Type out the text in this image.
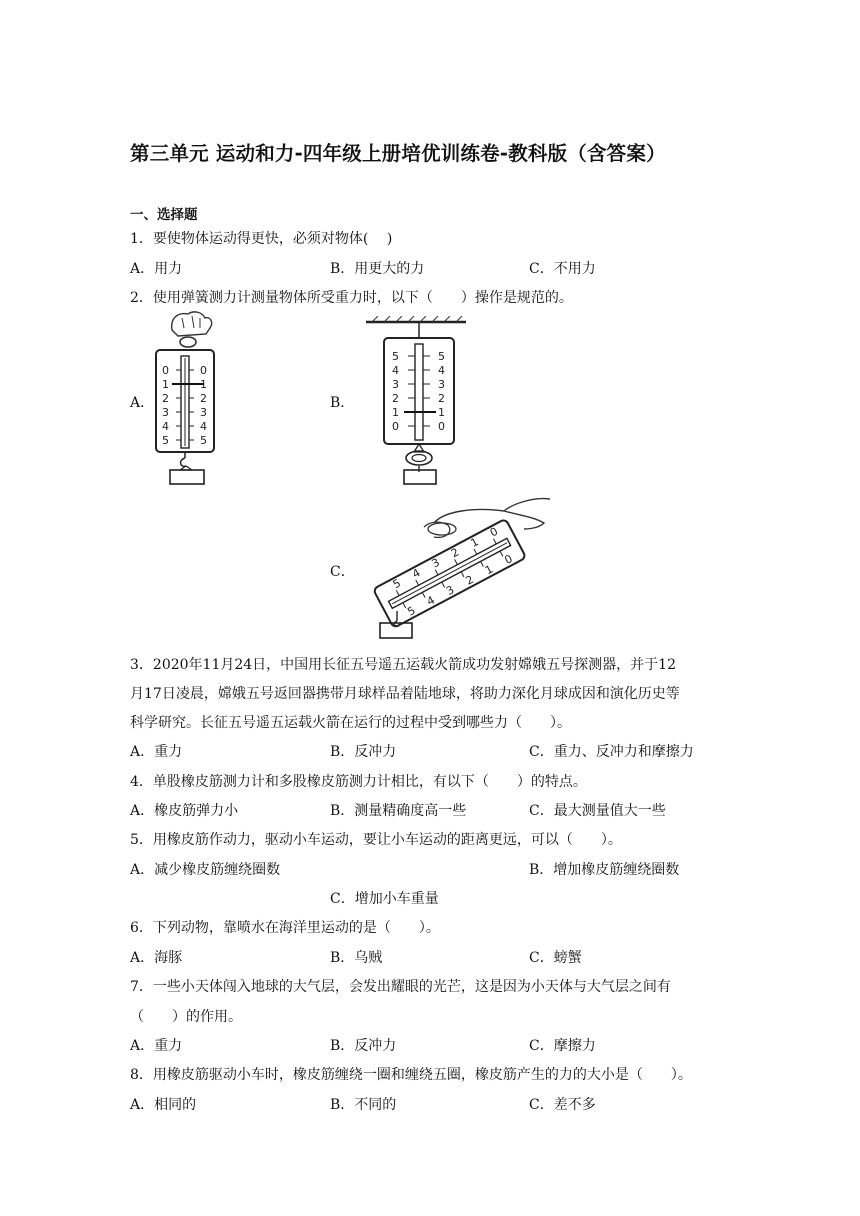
第三单元 运动和力-四年级上册培优训练卷-教科版（含答案）
一、选择题
1．要使物体运动得更快，必须对物体(　 )
A．用力	B．用更大的力	C．不用力
2．使用弹簧测力计测量物体所受重力时，以下（　　）操作是规范的。
A．	B．
C．
0	0
1	1
2	2
3	3
4	4
5	5
5	5
4	4
3	3
2	2
1	1
0	0
0
0
1
1
2
2
3
3
4
4
5
5
3．2020年11月24日，中国用长征五号遥五运载火箭成功发射嫦娥五号探测器，并于12
月17日凌晨，嫦娥五号返回器携带月球样品着陆地球，将助力深化月球成因和演化历史等
科学研究。长征五号遥五运载火箭在运行的过程中受到哪些力（　　）。
A．重力	B．反冲力	C．重力、反冲力和摩擦力
4．单股橡皮筋测力计和多股橡皮筋测力计相比，有以下（　　）的特点。
A．橡皮筋弹力小	B．测量精确度高一些	C．最大测量值大一些
5．用橡皮筋作动力，驱动小车运动，要让小车运动的距离更远，可以（　　）。
A．减少橡皮筋缠绕圈数	B．增加橡皮筋缠绕圈数
C．增加小车重量
6．下列动物，靠喷水在海洋里运动的是（　　）。
A．海豚	B．乌贼	C．螃蟹
7．一些小天体闯入地球的大气层，会发出耀眼的光芒，这是因为小天体与大气层之间有
（　　）的作用。
A．重力	B．反冲力	C．摩擦力
8．用橡皮筋驱动小车时，橡皮筋缠绕一圈和缠绕五圈，橡皮筋产生的力的大小是（　　）。
A．相同的	B．不同的	C．差不多
